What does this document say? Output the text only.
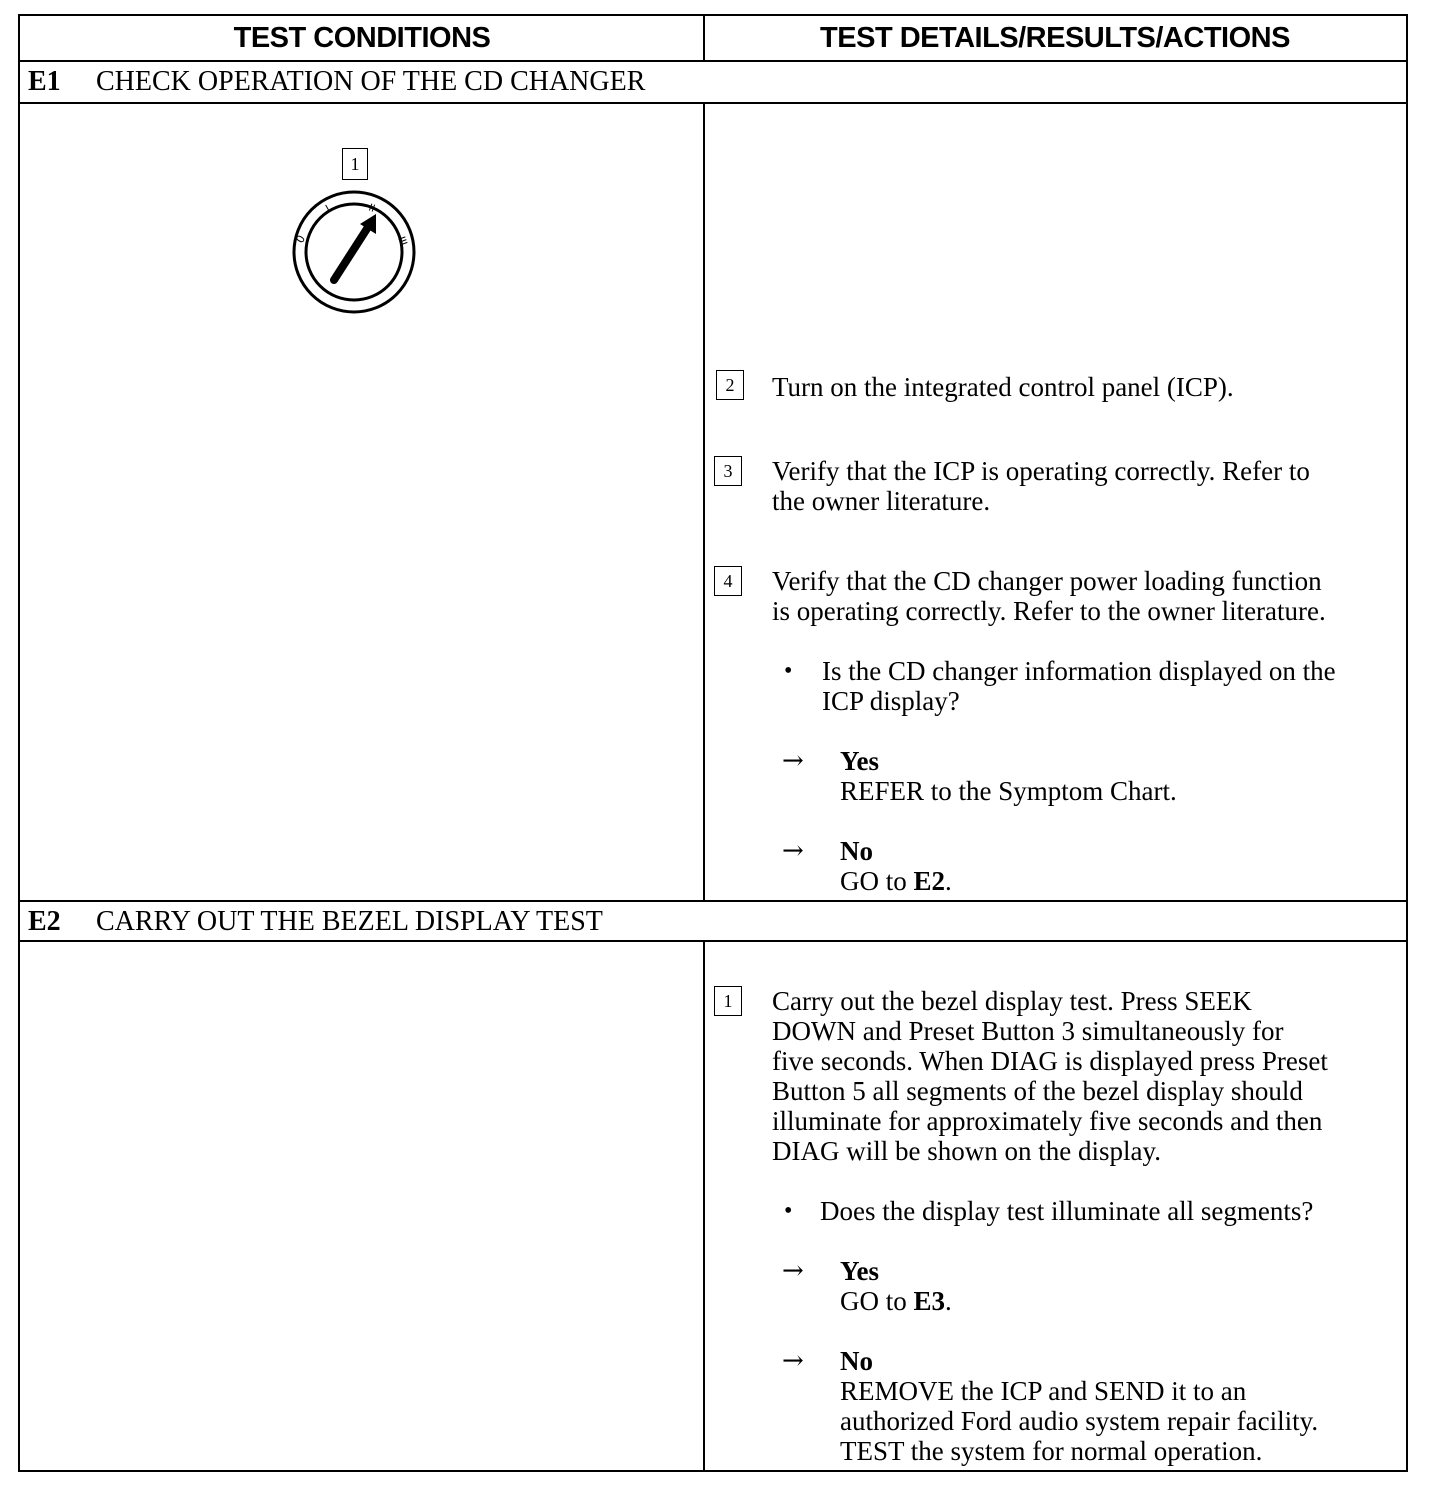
TEST CONDITIONS	TEST DETAILS/RESULTS/ACTIONS
E1 CHECK OPERATION OF THE CD CHANGER
1
0
I	II
III
2	Turn on the integrated control panel (ICP).
3	Verify that the ICP is operating correctly. Refer to
the owner literature.
4	Verify that the CD changer power loading function
is operating correctly. Refer to the owner literature.
• Is the CD changer information displayed on the
ICP display?
→ Yes
REFER to the Symptom Chart.
→ No
GO to E2.
E2 CARRY OUT THE BEZEL DISPLAY TEST
1	Carry out the bezel display test. Press SEEK
DOWN and Preset Button 3 simultaneously for
five seconds. When DIAG is displayed press Preset
Button 5 all segments of the bezel display should
illuminate for approximately five seconds and then
DIAG will be shown on the display.
• Does the display test illuminate all segments?
→ Yes
GO to E3.
→ No
REMOVE the ICP and SEND it to an
authorized Ford audio system repair facility.
TEST the system for normal operation.
